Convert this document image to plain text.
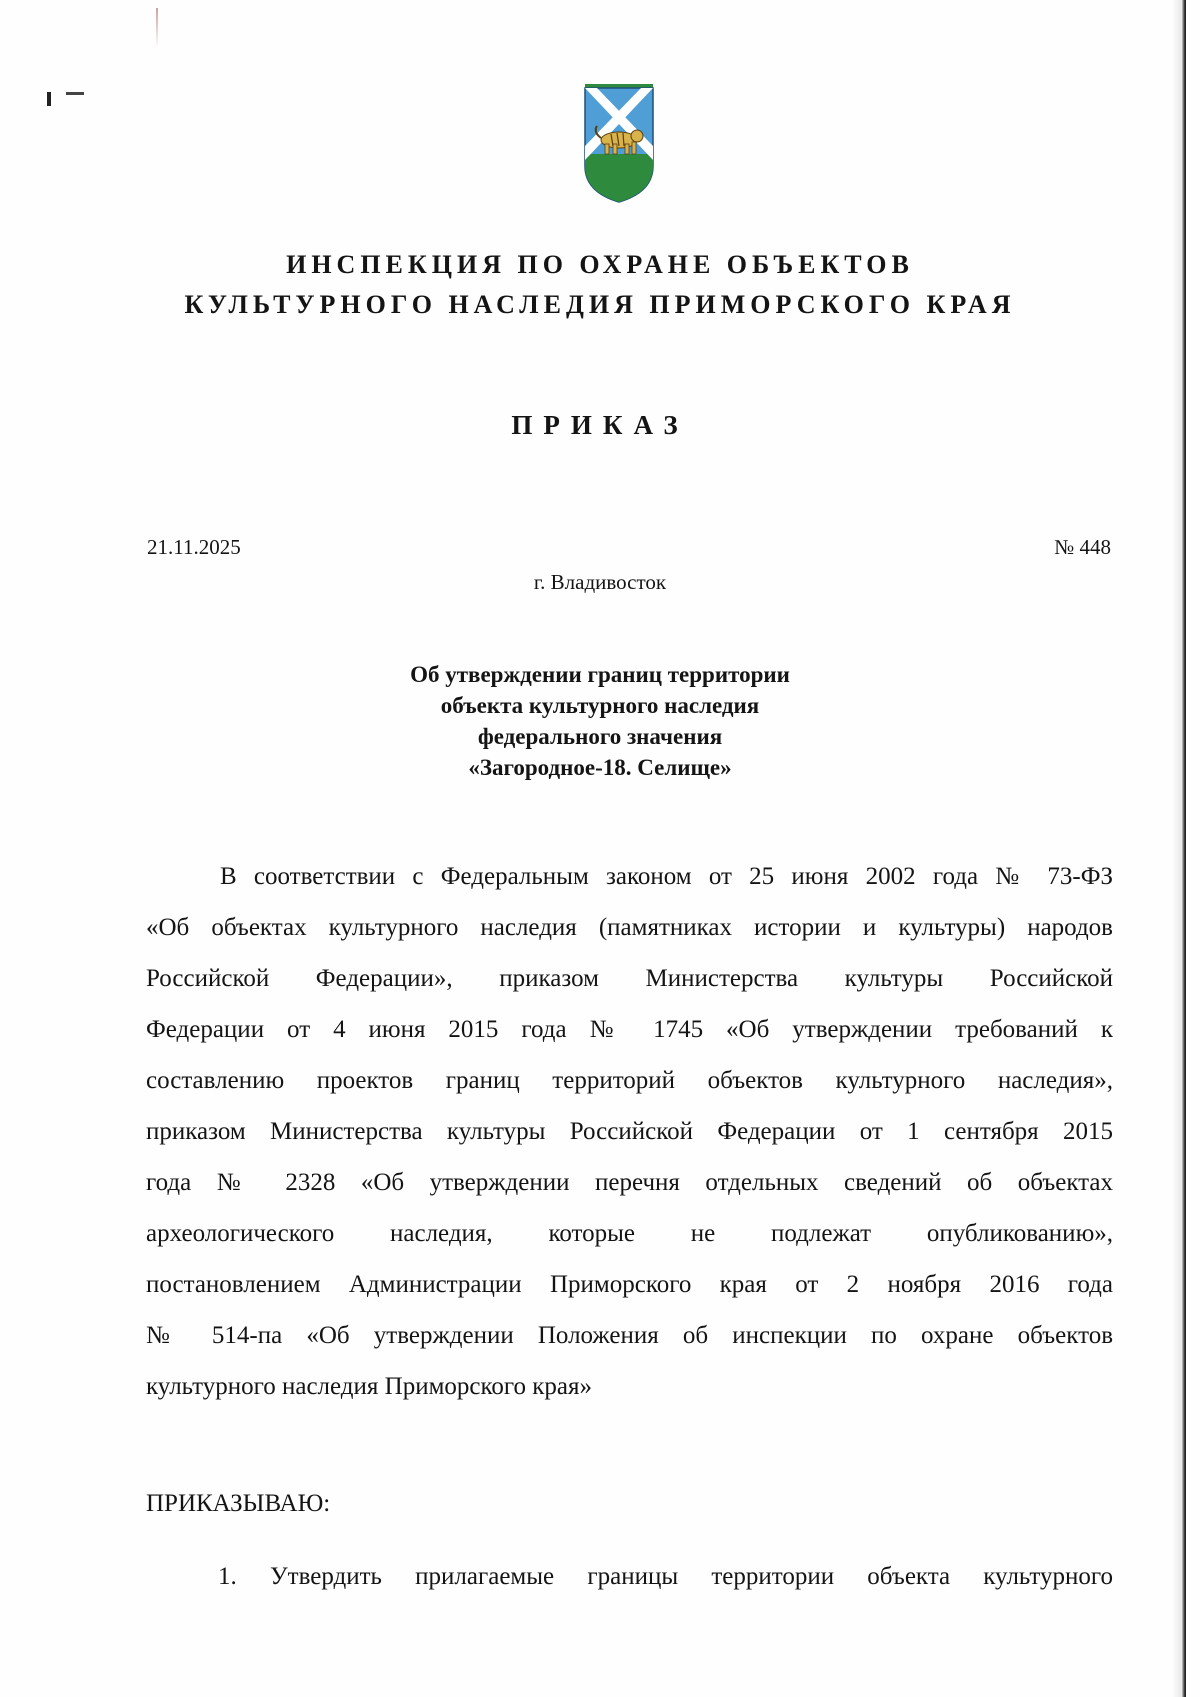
ИНСПЕКЦИЯ ПО ОХРАНЕ ОБЪЕКТОВ
КУЛЬТУРНОГО НАСЛЕДИЯ ПРИМОРСКОГО КРАЯ
ПРИКАЗ
21.11.2025	№ 448
г. Владивосток
Об утверждении границ территории
объекта культурного наследия
федерального значения
«Загородное-18. Селище»
В соответствии с Федеральным законом от 25 июня 2002 года № 73-ФЗ
«Об объектах культурного наследия (памятниках истории и культуры) народов
Российской Федерации», приказом Министерства культуры Российской
Федерации от 4 июня 2015 года № 1745 «Об утверждении требований к
составлению проектов границ территорий объектов культурного наследия»,
приказом Министерства культуры Российской Федерации от 1 сентября 2015
года № 2328 «Об утверждении перечня отдельных сведений об объектах
археологического наследия, которые не подлежат опубликованию»,
постановлением Администрации Приморского края от 2 ноября 2016 года
№ 514-па «Об утверждении Положения об инспекции по охране объектов
культурного наследия Приморского края»
ПРИКАЗЫВАЮ:
1. Утвердить прилагаемые границы территории объекта культурного
